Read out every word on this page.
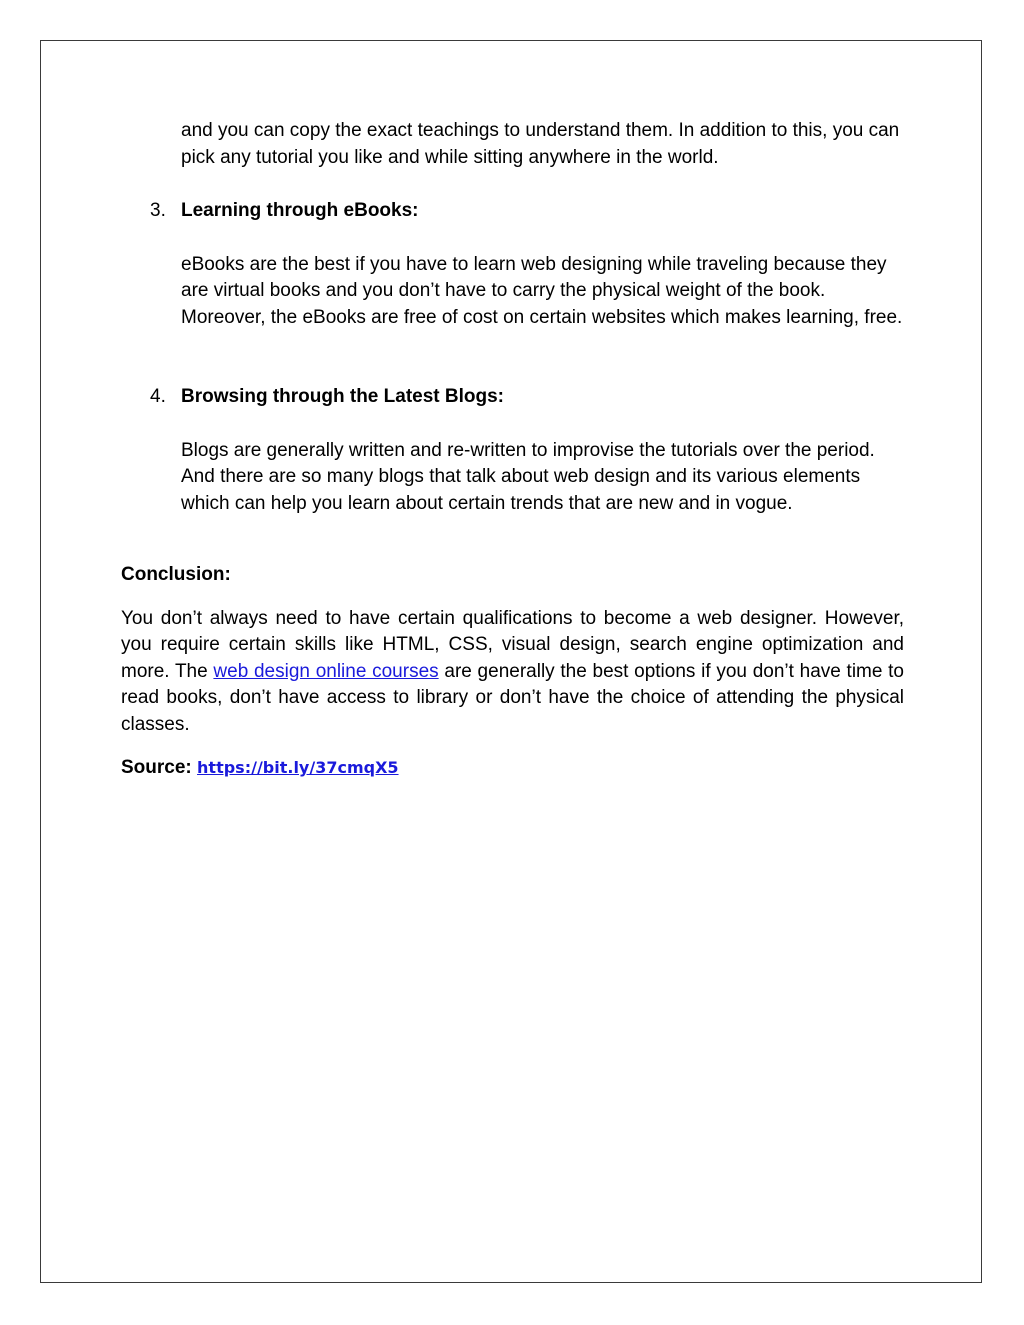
and you can copy the exact teachings to understand them. In addition to this, you can pick any tutorial you like and while sitting anywhere in the world.

3. Learning through eBooks:

eBooks are the best if you have to learn web designing while traveling because they are virtual books and you don’t have to carry the physical weight of the book. Moreover, the eBooks are free of cost on certain websites which makes learning, free.

4. Browsing through the Latest Blogs:

Blogs are generally written and re-written to improvise the tutorials over the period. And there are so many blogs that talk about web design and its various elements which can help you learn about certain trends that are new and in vogue.

Conclusion:

You don’t always need to have certain qualifications to become a web designer. However, you require certain skills like HTML, CSS, visual design, search engine optimization and more. The web design online courses are generally the best options if you don’t have time to read books, don’t have access to library or don’t have the choice of attending the physical classes.

Source: https://bit.ly/37cmqX5
